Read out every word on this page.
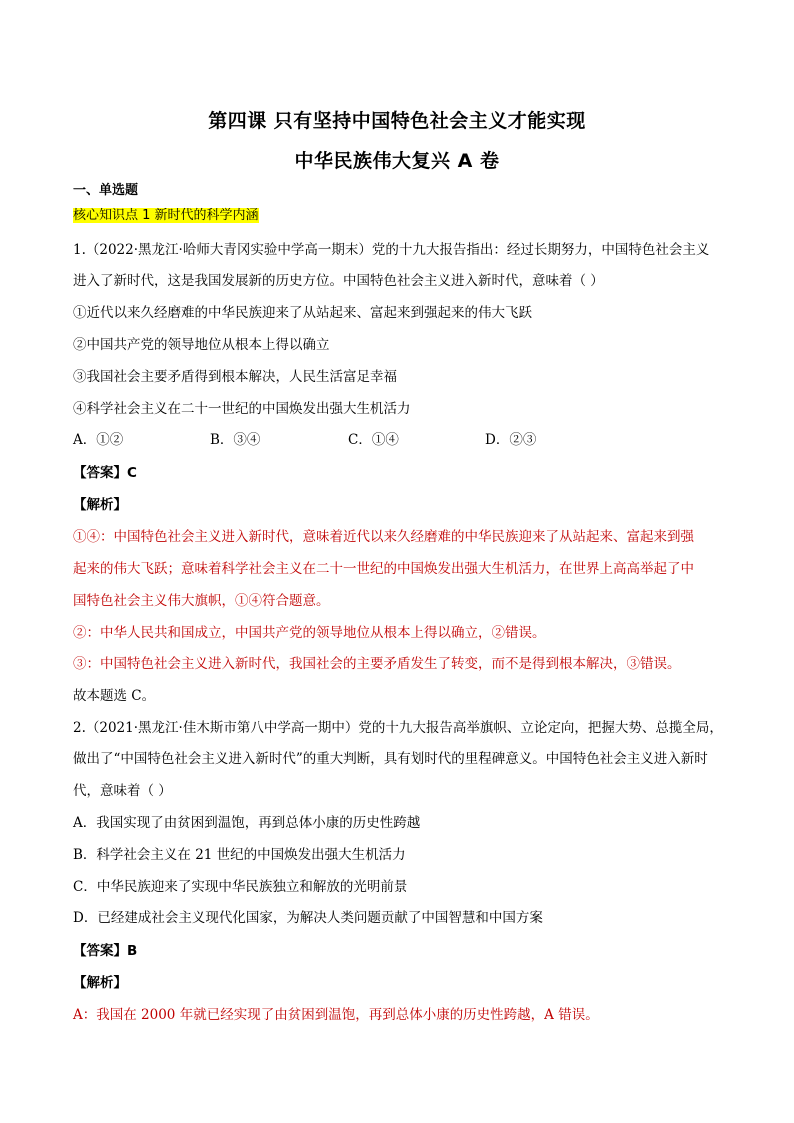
第四课 只有坚持中国特色社会主义才能实现
中华民族伟大复兴 A 卷
一、单选题
核心知识点 1 新时代的科学内涵
1.（2022·黑龙江·哈师大青冈实验中学高一期末）党的十九大报告指出：经过长期努力，中国特色社会主义
进入了新时代，这是我国发展新的历史方位。中国特色社会主义进入新时代，意味着（ ）
①近代以来久经磨难的中华民族迎来了从站起来、富起来到强起来的伟大飞跃
②中国共产党的领导地位从根本上得以确立
③我国社会主要矛盾得到根本解决，人民生活富足幸福
④科学社会主义在二十一世纪的中国焕发出强大生机活力
A．①②	B．③④	C．①④	D．②③
【答案】C
【解析】
①④：中国特色社会主义进入新时代，意味着近代以来久经磨难的中华民族迎来了从站起来、富起来到强
起来的伟大飞跃；意味着科学社会主义在二十一世纪的中国焕发出强大生机活力，在世界上高高举起了中
国特色社会主义伟大旗帜，①④符合题意。
②：中华人民共和国成立，中国共产党的领导地位从根本上得以确立，②错误。
③：中国特色社会主义进入新时代，我国社会的主要矛盾发生了转变，而不是得到根本解决，③错误。
故本题选 C。
2.（2021·黑龙江·佳木斯市第八中学高一期中）党的十九大报告高举旗帜、立论定向，把握大势、总揽全局，
做出了“中国特色社会主义进入新时代”的重大判断，具有划时代的里程碑意义。中国特色社会主义进入新时
代，意味着（ ）
A．我国实现了由贫困到温饱，再到总体小康的历史性跨越
B．科学社会主义在 21 世纪的中国焕发出强大生机活力
C．中华民族迎来了实现中华民族独立和解放的光明前景
D．已经建成社会主义现代化国家，为解决人类问题贡献了中国智慧和中国方案
【答案】B
【解析】
A：我国在 2000 年就已经实现了由贫困到温饱，再到总体小康的历史性跨越，A 错误。
